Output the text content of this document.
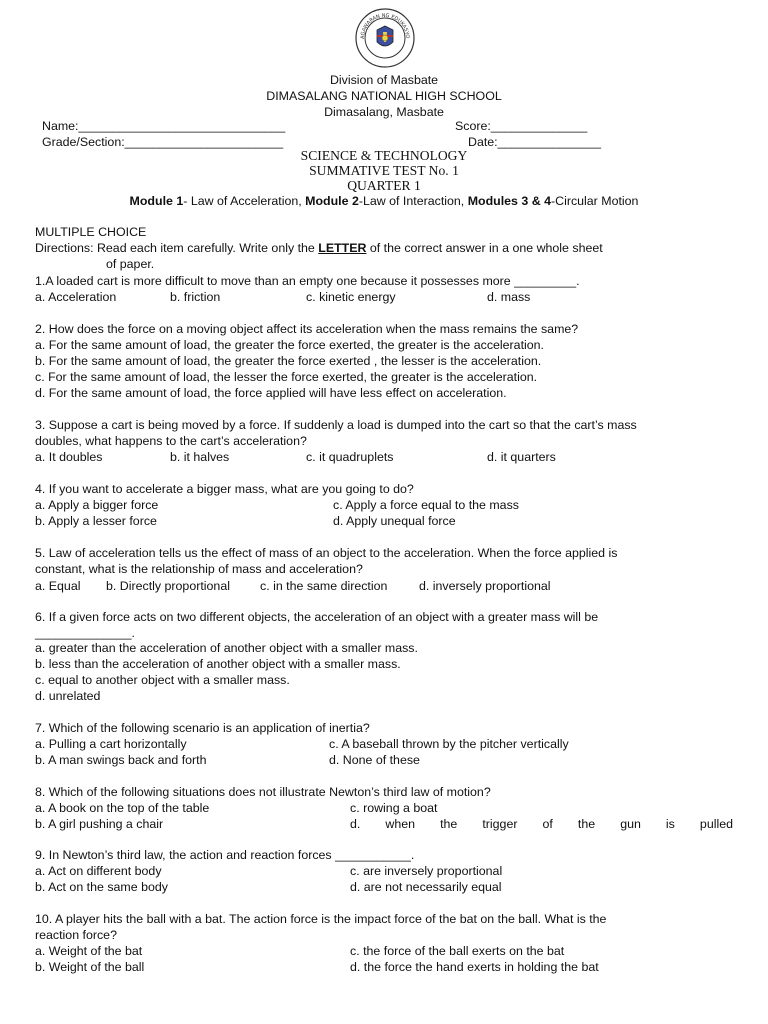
AGAWARAN NG EDUKASYO
Division of Masbate
DIMASALANG NATIONAL HIGH SCHOOL
Dimasalang, Masbate
Name:______________________________	Score:______________
Grade/Section:_______________________	Date:_______________
SCIENCE & TECHNOLOGY
SUMMATIVE TEST No. 1
QUARTER 1
Module 1- Law of Acceleration, Module 2-Law of Interaction, Modules 3 & 4-Circular Motion
MULTIPLE CHOICE
Directions: Read each item carefully. Write only the LETTER of the correct answer in a one whole sheet
of paper.
1.A loaded cart is more difficult to move than an empty one because it possesses more _________.
a. Acceleration	b. friction	c. kinetic energy	d. mass
2. How does the force on a moving object affect its acceleration when the mass remains the same?
a. For the same amount of load, the greater the force exerted, the greater is the acceleration.
b. For the same amount of load, the greater the force exerted , the lesser is the acceleration.
c. For the same amount of load, the lesser the force exerted, the greater is the acceleration.
d. For the same amount of load, the force applied will have less effect on acceleration.
3. Suppose a cart is being moved by a force. If suddenly a load is dumped into the cart so that the cart’s mass
doubles, what happens to the cart’s acceleration?
a. It doubles	b. it halves	c. it quadruplets	d. it quarters
4. If you want to accelerate a bigger mass, what are you going to do?
a. Apply a bigger force	c. Apply a force equal to the mass
b. Apply a lesser force	d. Apply unequal force
5. Law of acceleration tells us the effect of mass of an object to the acceleration. When the force applied is
constant, what is the relationship of mass and acceleration?
a. Equal b. Directly proportional c. in the same direction	d. inversely proportional
6. If a given force acts on two different objects, the acceleration of an object with a greater mass will be
______________.
a. greater than the acceleration of another object with a smaller mass.
b. less than the acceleration of another object with a smaller mass.
c. equal to another object with a smaller mass.
d. unrelated
7. Which of the following scenario is an application of inertia?
a. Pulling a cart horizontally	c. A baseball thrown by the pitcher vertically
b. A man swings back and forth	d. None of these
8. Which of the following situations does not illustrate Newton’s third law of motion?
a. A book on the top of the table	c. rowing a boat
b. A girl pushing a chair	d. when the trigger of the gun is pulled
9. In Newton’s third law, the action and reaction forces ___________.
a. Act on different body	c. are inversely proportional
b. Act on the same body	d. are not necessarily equal
10. A player hits the ball with a bat. The action force is the impact force of the bat on the ball. What is the
reaction force?
a. Weight of the bat	c. the force of the ball exerts on the bat
b. Weight of the ball	d. the force the hand exerts in holding the bat
